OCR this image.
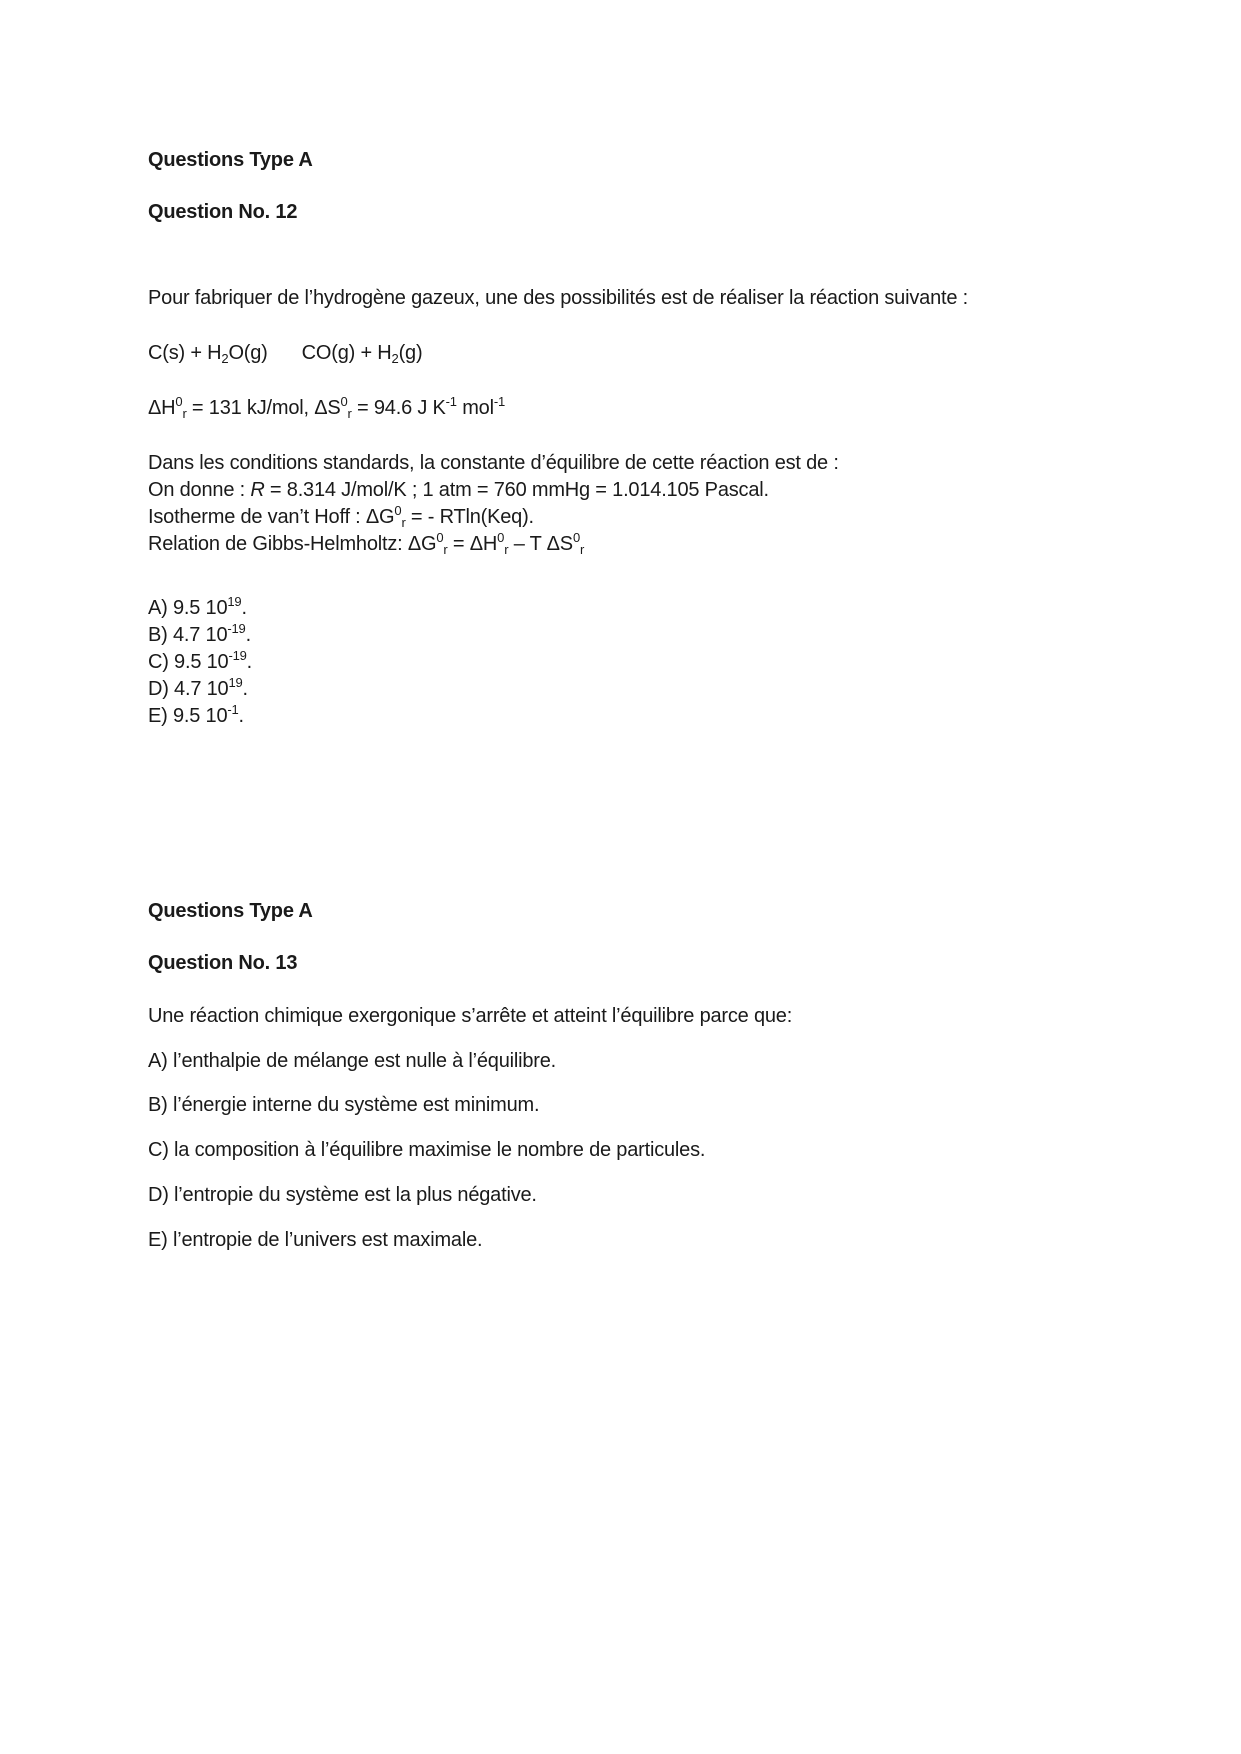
Questions Type A
Question No. 12
Pour fabriquer de l’hydrogène gazeux, une des possibilités est de réaliser la réaction suivante :
$C(s) + H_2O(g) CO(g) + H_2(g)$
$\Delta H^0_r = 131$ kJ/mol, $\Delta S^0_r = 94.6$ J $K^{-1}$ mol$^{-1}$
Dans les conditions standards, la constante d’équilibre de cette réaction est de :
On donne : R = 8.314 J/mol/K ; 1 atm = 760 mmHg = 1.014.105 Pascal.
Isotherme de van’t Hoff : $\Delta G^0_r$ = - RTln(Keq).
Relation de Gibbs-Helmholtz: $\Delta G^0_r = \Delta H^0_r - T$ $\Delta S^0_r$
A) 9.5 $10^{19}$.
B) 4.7 $10^{-19}$.
C) 9.5 $10^{-19}$.
D) 4.7 $10^{19}$.
E) 9.5 $10^{-1}$.
Questions Type A
Question No. 13
Une réaction chimique exergonique s’arrête et atteint l’équilibre parce que:
A) l’enthalpie de mélange est nulle à l’équilibre.
B) l’énergie interne du système est minimum.
C) la composition à l’équilibre maximise le nombre de particules.
D) l’entropie du système est la plus négative.
E) l’entropie de l’univers est maximale.
